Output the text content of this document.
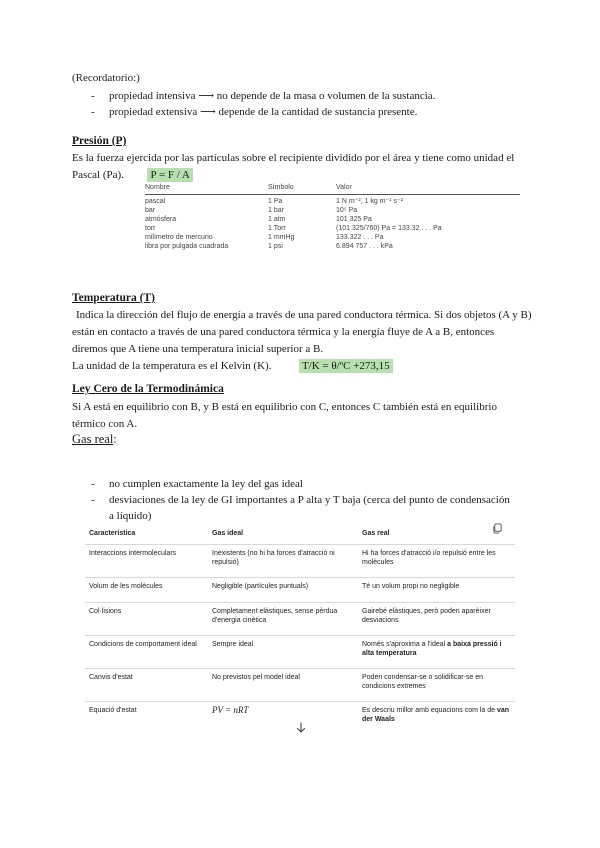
(Recordatorio:)
- propiedad intensiva ⟶ no depende de la masa o volumen de la sustancia.
- propiedad extensiva ⟶ depende de la cantidad de sustancia presente.
Presión (P)
Es la fuerza ejercida por las partículas sobre el recipiente dividido por el área y tiene como unidad el Pascal (Pa). P = F / A
Nombre	Símbolo	Valor
pascal	1 Pa	1 N m⁻², 1 kg m⁻¹ s⁻²
bar	1 bar	10⁵ Pa
atmósfera	1 atm	101 325 Pa
torr	1 Torr	(101 325/760) Pa = 133.32 . . . Pa
milímetro de mercurio	1 mmHg	133.322 . . . Pa
libra por pulgada cuadrada	1 psi	6.894 757 . . . kPa
Temperatura (T)
Indica la dirección del flujo de energía a través de una pared conductora térmica. Si dos objetos (A y B) están en contacto a través de una pared conductora térmica y la energía fluye de A a B, entonces diremos que A tiene una temperatura inicial superior a B.
La unidad de la temperatura es el Kelvin (K).	T/K = θ/ºC +273,15
Ley Cero de la Termodinámica
Si A está en equilibrio con B, y B está en equilibrio con C, entonces C también está en equilibrio térmico con A.
Gas real:
- no cumplen exactamente la ley del gas ideal
- desviaciones de la ley de GI importantes a P alta y T baja (cerca del punto de condensación a líquido)
Característica	Gas ideal	Gas real
Interaccions intermoleculars	Inexistents (no hi ha forces d'atracció ni repulsió)	Hi ha forces d'atracció i/o repulsió entre les molècules
Volum de les molècules	Negligible (partícules puntuals)	Té un volum propi no negligible
Col·lisions	Completament elàstiques, sense pèrdua d'energia cinètica	Gairebé elàstiques, però poden aparèixer desviacions
Condicions de comportament ideal	Sempre ideal	Només s'aproxima a l'ideal a baixa pressió i alta temperatura
Canvis d'estat	No previstos pel model ideal	Poden condensar-se o solidificar-se en condicions extremes
Equació d'estat	PV = nRT	Es descriu millor amb equacions com la de van der Waals
